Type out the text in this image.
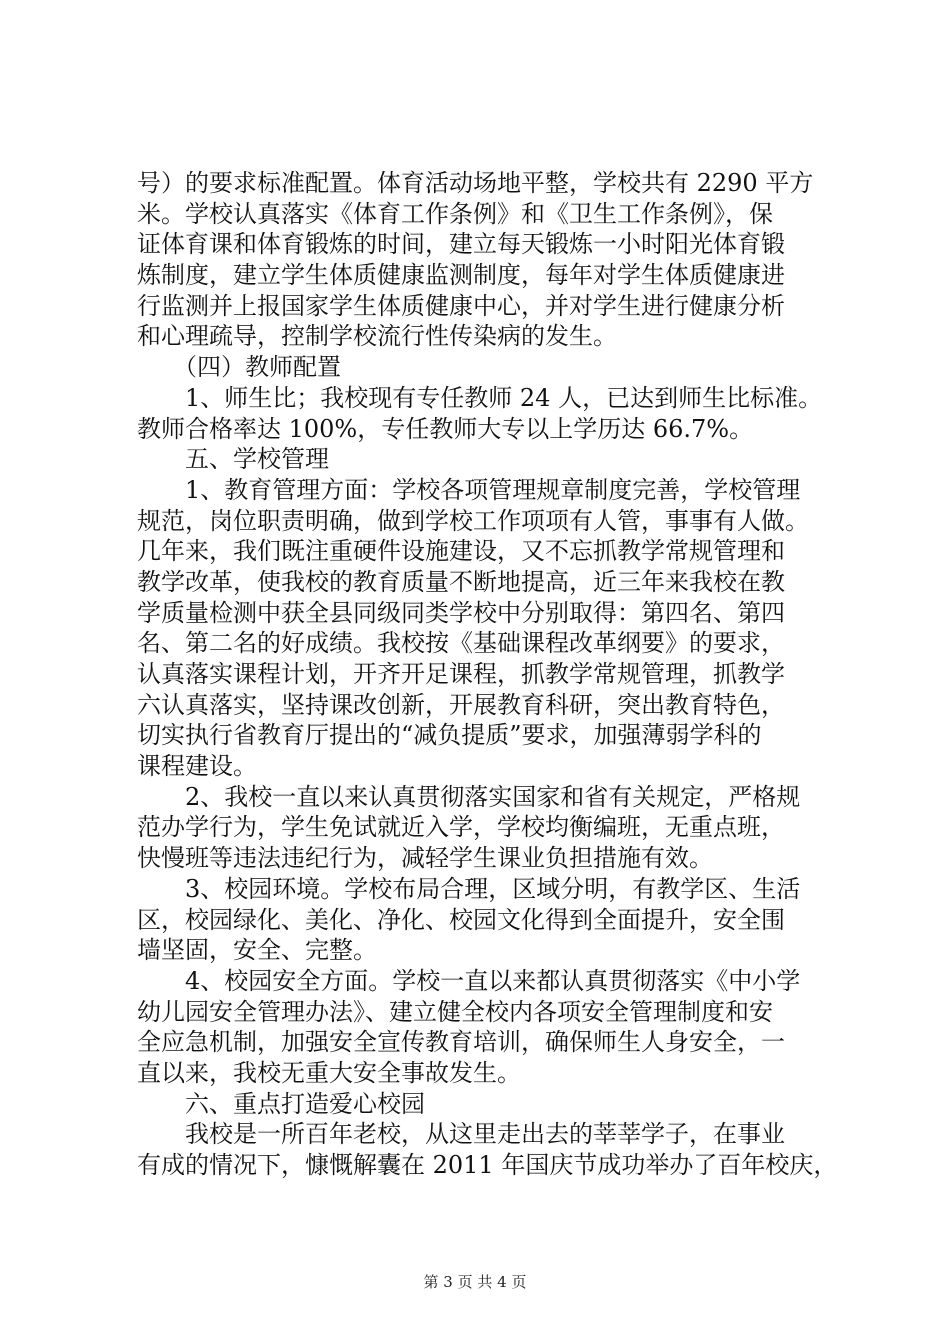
号）的要求标准配置。体育活动场地平整，学校共有 2290 平方
米。学校认真落实《体育工作条例》和《卫生工作条例》，保
证体育课和体育锻炼的时间，建立每天锻炼一小时阳光体育锻
炼制度，建立学生体质健康监测制度，每年对学生体质健康进
行监测并上报国家学生体质健康中心，并对学生进行健康分析
和心理疏导，控制学校流行性传染病的发生。
　　（四）教师配置
　　1、师生比；我校现有专任教师 24 人，已达到师生比标准。
教师合格率达 100%，专任教师大专以上学历达 66.7%。
　　五、学校管理
　　1、教育管理方面：学校各项管理规章制度完善，学校管理
规范，岗位职责明确，做到学校工作项项有人管，事事有人做。
几年来，我们既注重硬件设施建设，又不忘抓教学常规管理和
教学改革，使我校的教育质量不断地提高，近三年来我校在教
学质量检测中获全县同级同类学校中分别取得：第四名、第四
名、第二名的好成绩。我校按《基础课程改革纲要》的要求，
认真落实课程计划，开齐开足课程，抓教学常规管理，抓教学
六认真落实，坚持课改创新，开展教育科研，突出教育特色，
切实执行省教育厅提出的“减负提质”要求，加强薄弱学科的
课程建设。
　　2、我校一直以来认真贯彻落实国家和省有关规定，严格规
范办学行为，学生免试就近入学，学校均衡编班，无重点班，
快慢班等违法违纪行为，减轻学生课业负担措施有效。
　　3、校园环境。学校布局合理，区域分明，有教学区、生活
区，校园绿化、美化、净化、校园文化得到全面提升，安全围
墙坚固，安全、完整。
　　4、校园安全方面。学校一直以来都认真贯彻落实《中小学
幼儿园安全管理办法》、建立健全校内各项安全管理制度和安
全应急机制，加强安全宣传教育培训，确保师生人身安全，一
直以来，我校无重大安全事故发生。
　　六、重点打造爱心校园
　　我校是一所百年老校，从这里走出去的莘莘学子，在事业
有成的情况下，慷慨解囊在 2011 年国庆节成功举办了百年校庆，
第 3 页 共 4 页
